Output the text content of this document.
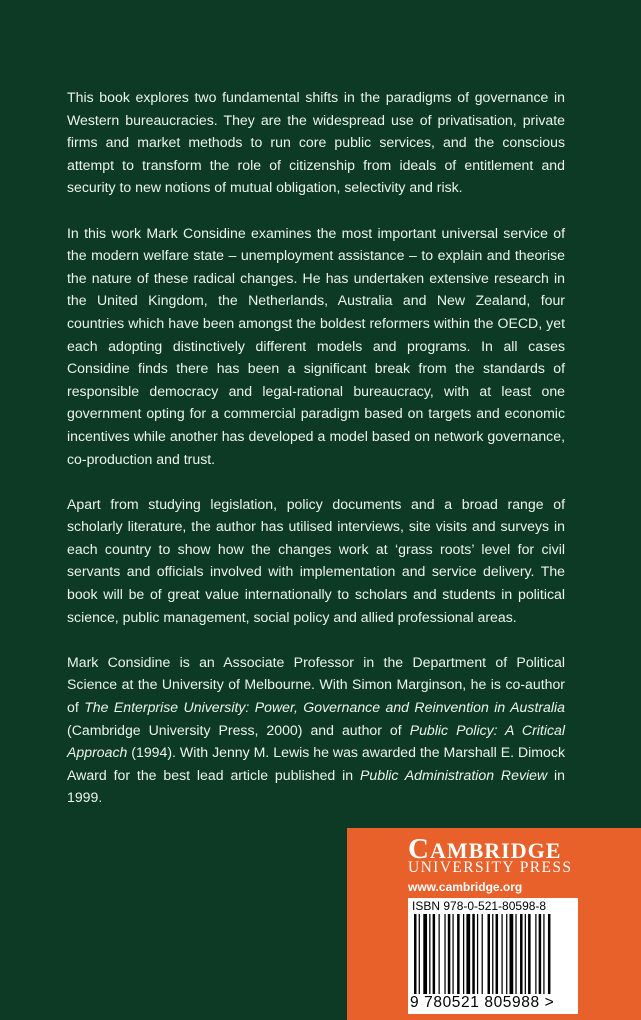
This book explores two fundamental shifts in the paradigms of governance in Western bureaucracies. They are the widespread use of privatisation, private firms and market methods to run core public services, and the conscious attempt to transform the role of citizenship from ideals of entitlement and security to new notions of mutual obligation, selectivity and risk.

In this work Mark Considine examines the most important universal service of the modern welfare state – unemployment assistance – to explain and theorise the nature of these radical changes. He has undertaken extensive research in the United Kingdom, the Netherlands, Australia and New Zealand, four countries which have been amongst the boldest reformers within the OECD, yet each adopting distinctively different models and programs. In all cases Considine finds there has been a significant break from the standards of responsible democracy and legal-rational bureaucracy, with at least one government opting for a commercial paradigm based on targets and economic incentives while another has developed a model based on network governance, co-production and trust.

Apart from studying legislation, policy documents and a broad range of scholarly literature, the author has utilised interviews, site visits and surveys in each country to show how the changes work at ‘grass roots’ level for civil servants and officials involved with implementation and service delivery. The book will be of great value internationally to scholars and students in political science, public management, social policy and allied professional areas.

Mark Considine is an Associate Professor in the Department of Political Science at the University of Melbourne. With Simon Marginson, he is co-author of The Enterprise University: Power, Governance and Reinvention in Australia (Cambridge University Press, 2000) and author of Public Policy: A Critical Approach (1994). With Jenny M. Lewis he was awarded the Marshall E. Dimock Award for the best lead article published in Public Administration Review in 1999.

CAMBRIDGE
UNIVERSITY PRESS
www.cambridge.org
ISBN 978-0-521-80598-8
9 780521 805988 >
